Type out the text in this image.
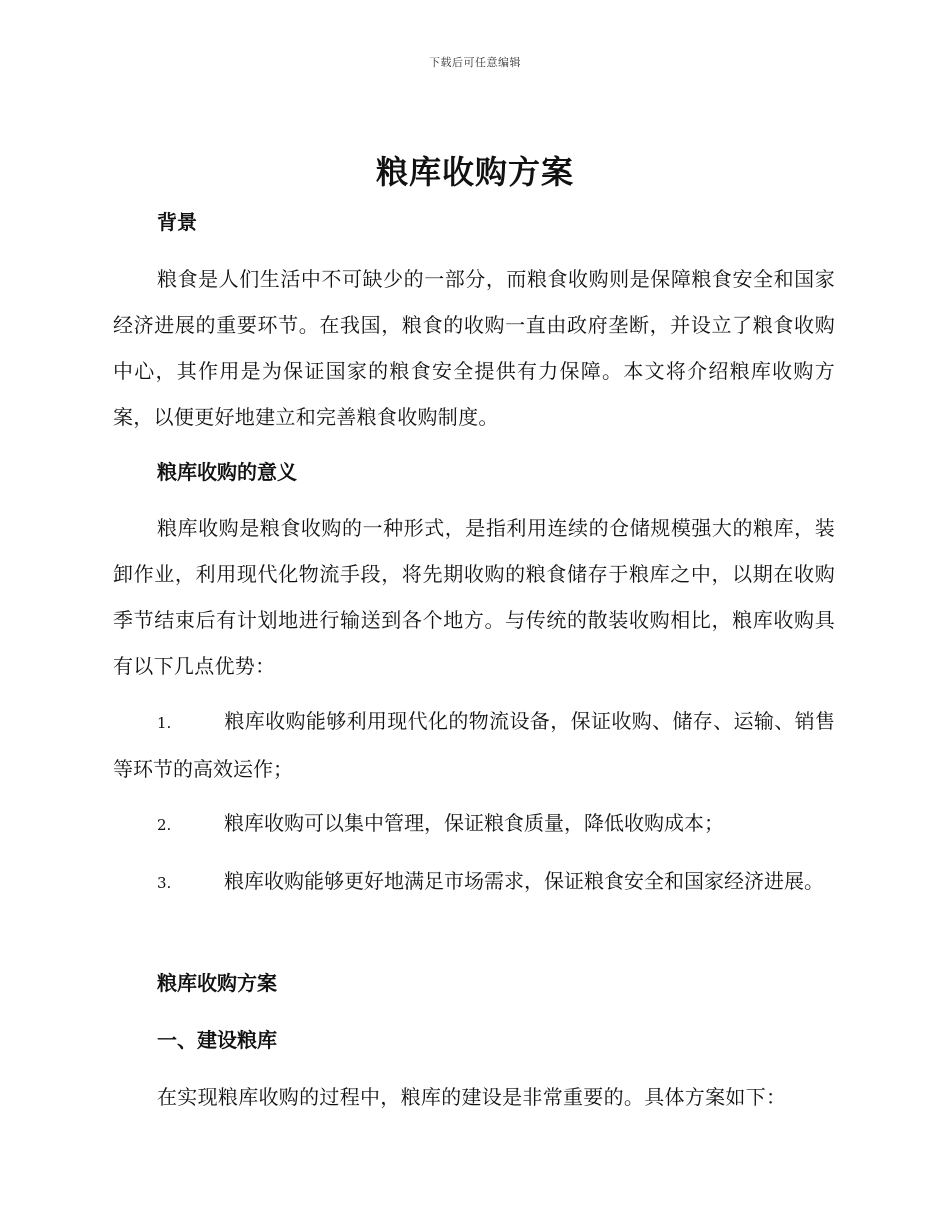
下载后可任意编辑
粮库收购方案
背景
粮食是人们生活中不可缺少的一部分，而粮食收购则是保障粮食安全和国家经济进展的重要环节。在我国，粮食的收购一直由政府垄断，并设立了粮食收购中心，其作用是为保证国家的粮食安全提供有力保障。本文将介绍粮库收购方案，以便更好地建立和完善粮食收购制度。
粮库收购的意义
粮库收购是粮食收购的一种形式，是指利用连续的仓储规模强大的粮库，装卸作业，利用现代化物流手段，将先期收购的粮食储存于粮库之中，以期在收购季节结束后有计划地进行输送到各个地方。与传统的散装收购相比，粮库收购具有以下几点优势：
1.	粮库收购能够利用现代化的物流设备，保证收购、储存、运输、销售等环节的高效运作；
2.	粮库收购可以集中管理，保证粮食质量，降低收购成本；
3.	粮库收购能够更好地满足市场需求，保证粮食安全和国家经济进展。
粮库收购方案
一、建设粮库
在实现粮库收购的过程中，粮库的建设是非常重要的。具体方案如下：
